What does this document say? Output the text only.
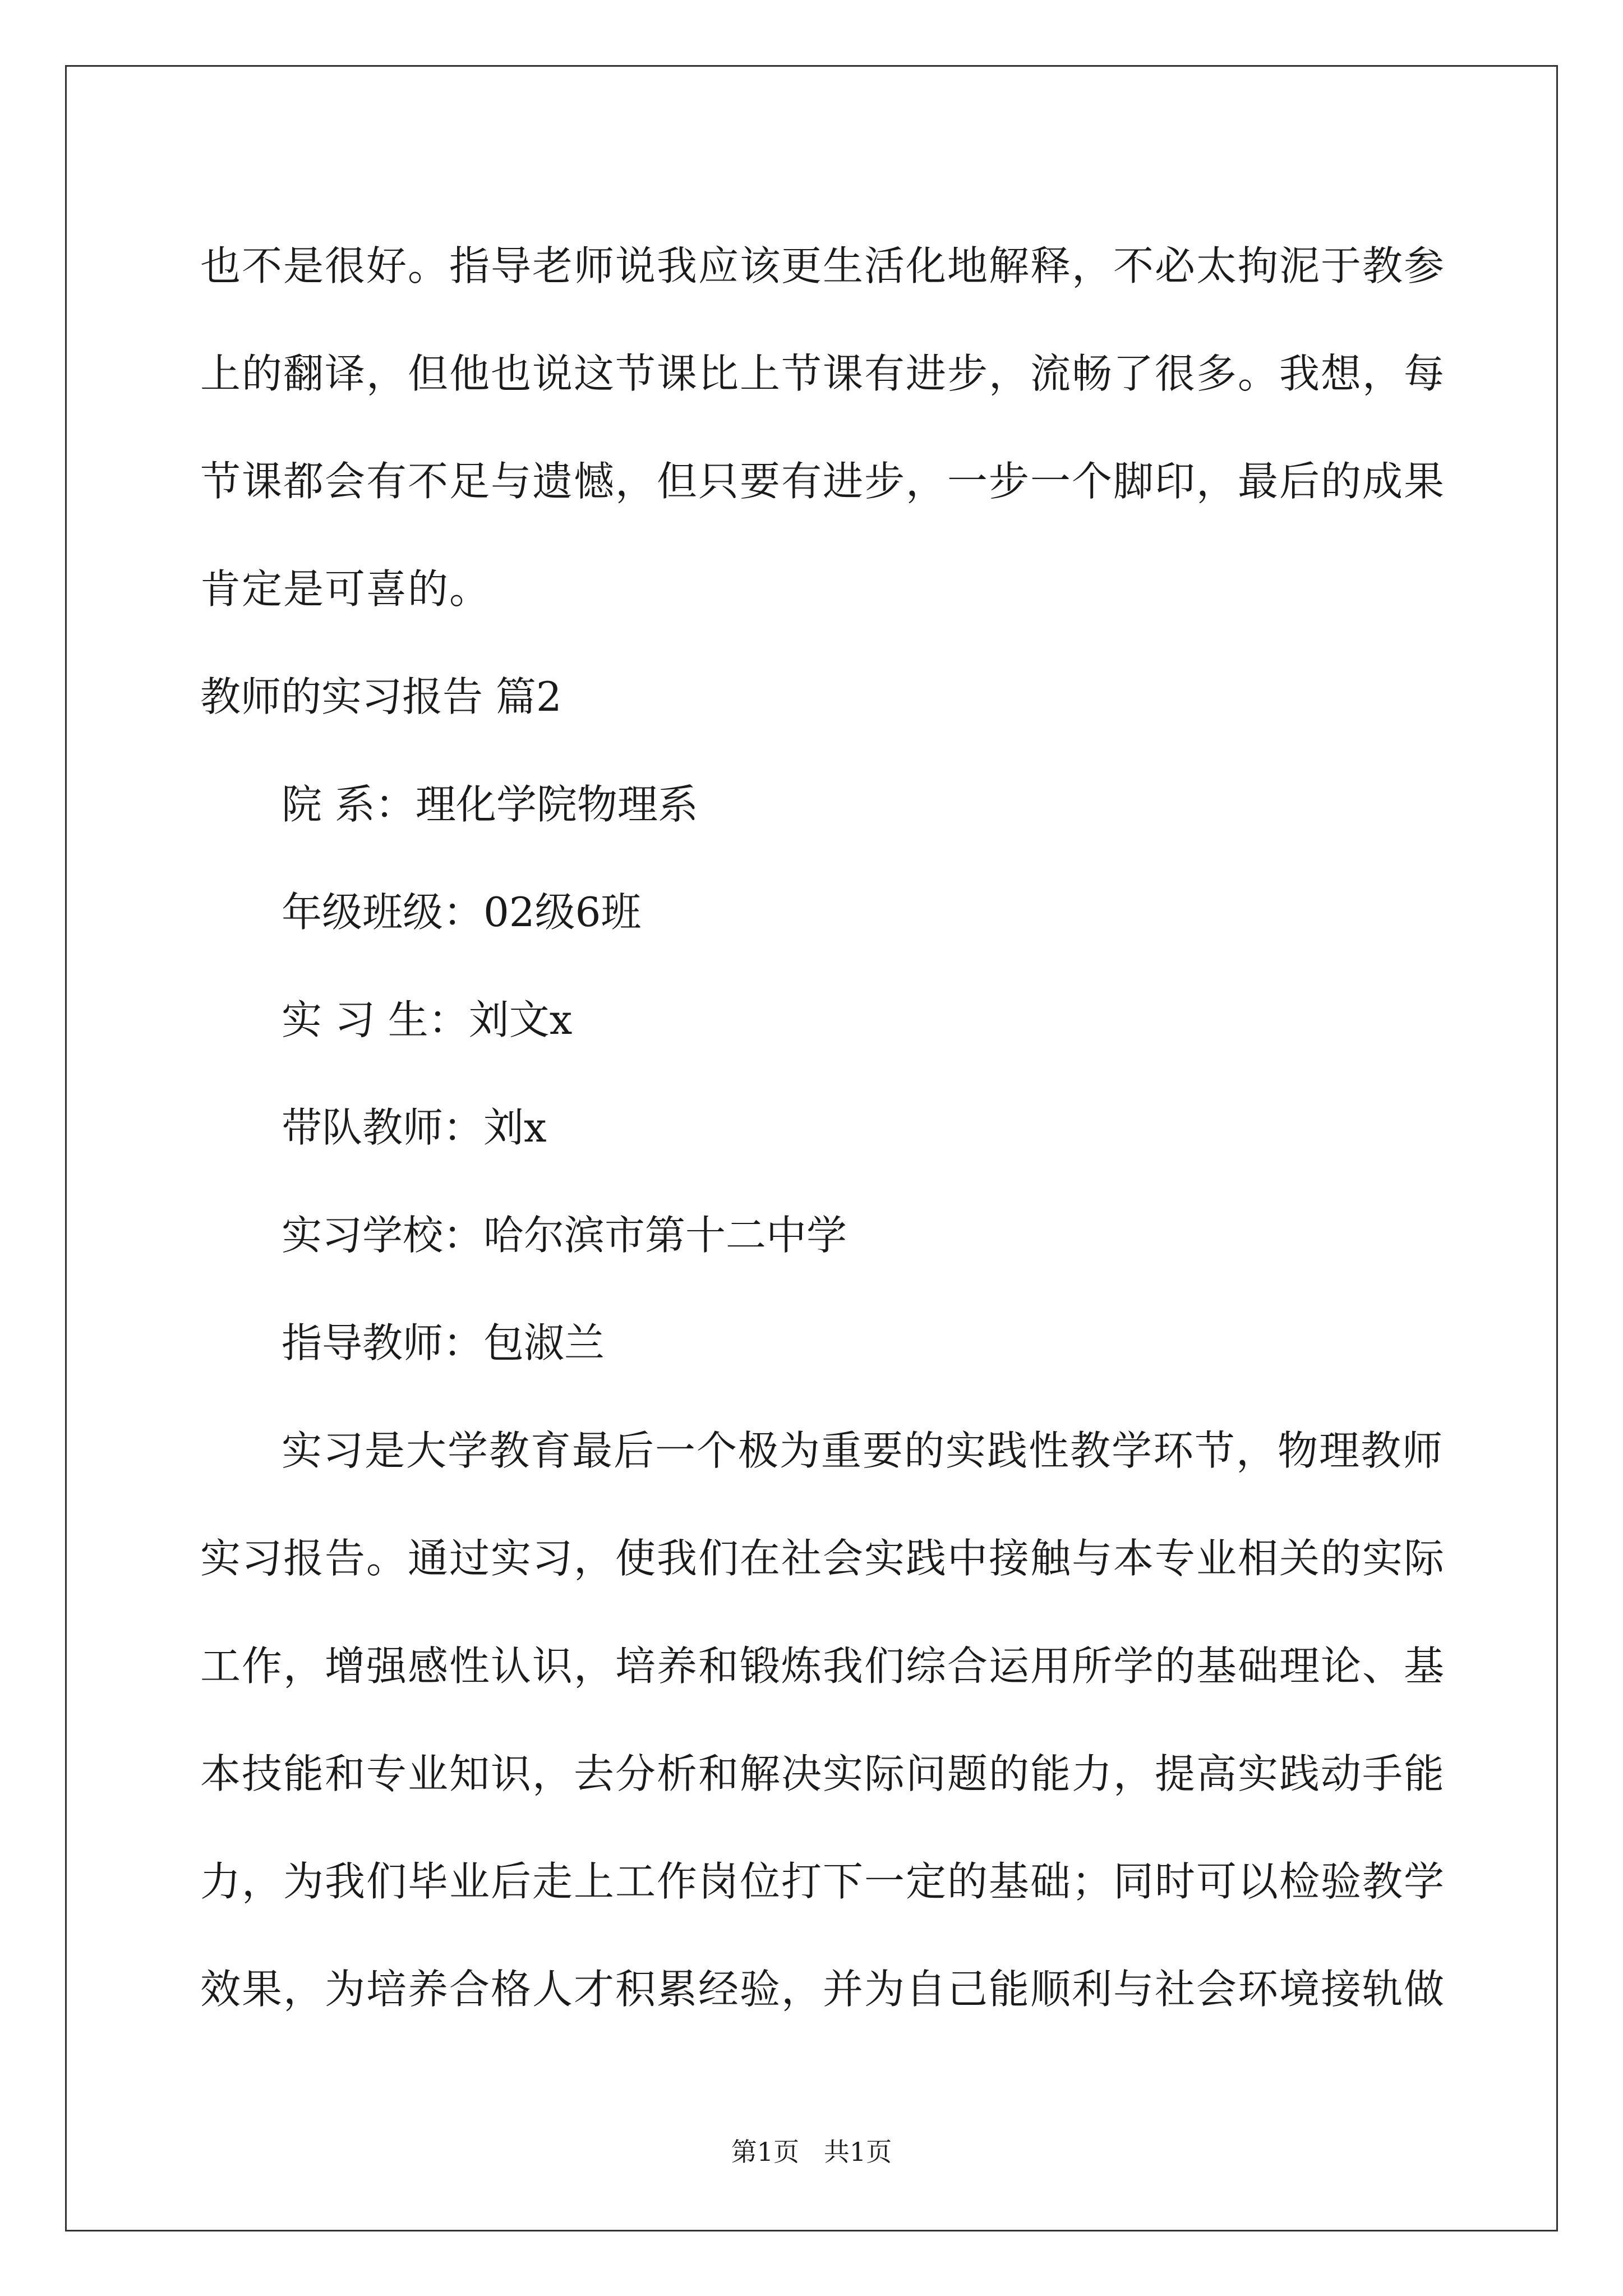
也不是很好。指导老师说我应该更生活化地解释，不必太拘泥于教参
上的翻译，但他也说这节课比上节课有进步，流畅了很多。我想，每
节课都会有不足与遗憾，但只要有进步，一步一个脚印，最后的成果
肯定是可喜的。
教师的实习报告 篇2
院 系：理化学院物理系
年级班级：02级6班
实 习 生：刘文x
带队教师：刘x
实习学校：哈尔滨市第十二中学
指导教师：包淑兰
实习是大学教育最后一个极为重要的实践性教学环节，物理教师
实习报告。通过实习，使我们在社会实践中接触与本专业相关的实际
工作，增强感性认识，培养和锻炼我们综合运用所学的基础理论、基
本技能和专业知识，去分析和解决实际问题的能力，提高实践动手能
力，为我们毕业后走上工作岗位打下一定的基础；同时可以检验教学
效果，为培养合格人才积累经验，并为自己能顺利与社会环境接轨做
第1页   共1页
